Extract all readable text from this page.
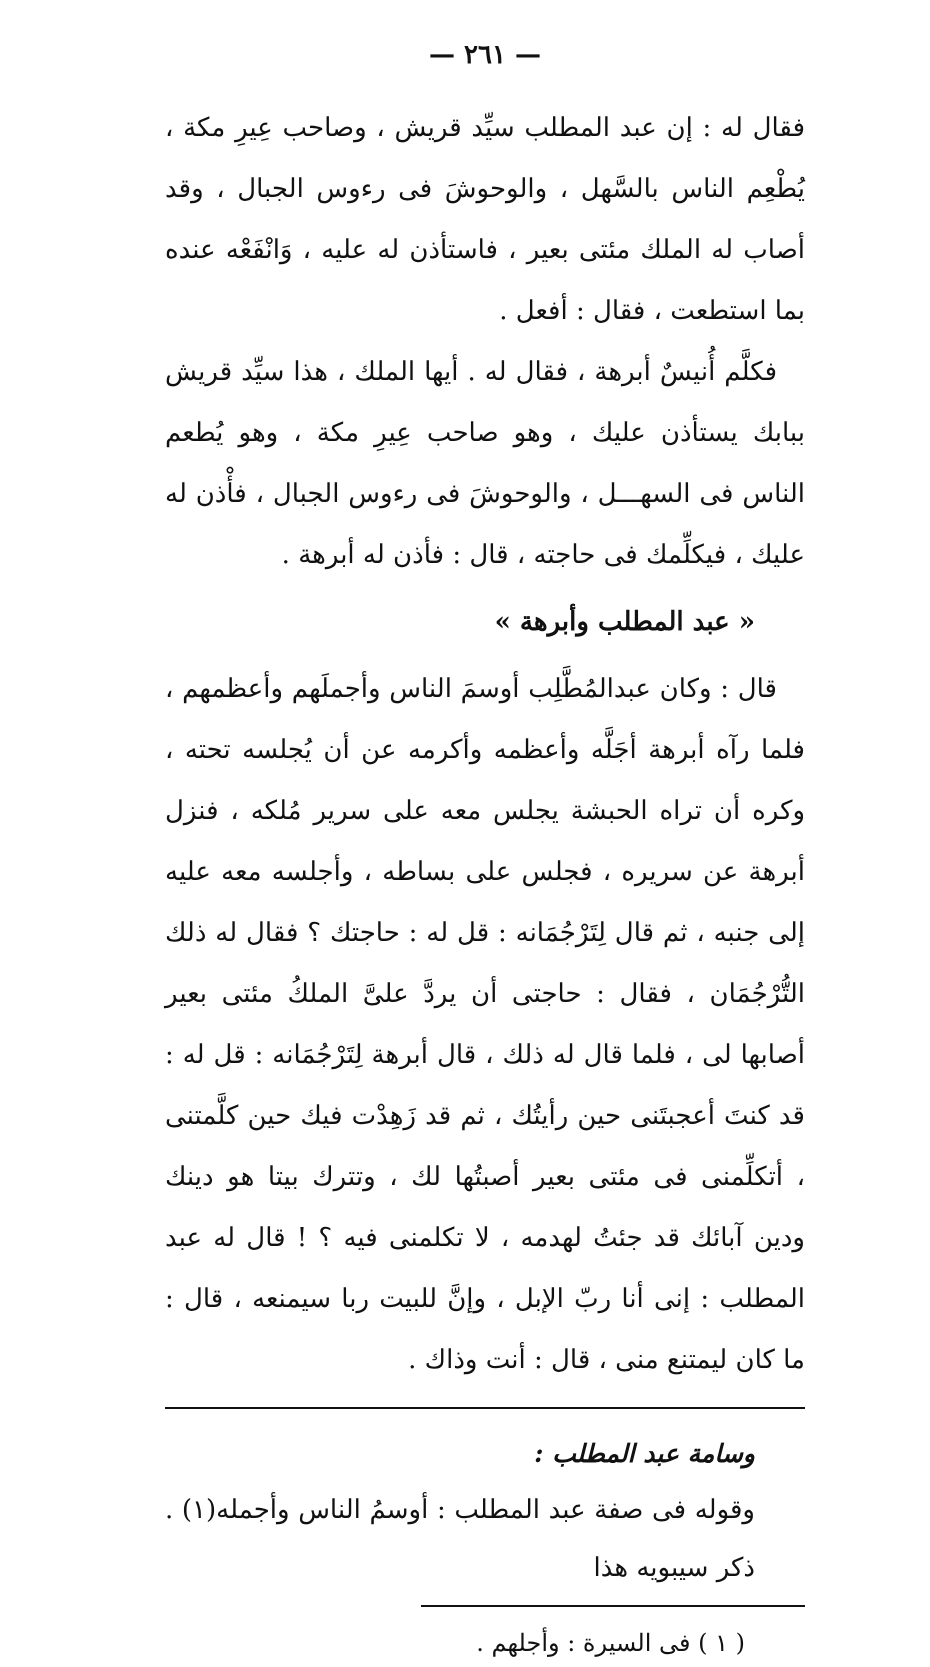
— ٢٦١ —

فقال له : إن عبد المطلب سيِّد قريش ، وصاحب عِيرِ مكة ، يُطْعِم الناس بالسَّهل ، والوحوشَ فى رءوس الجبال ، وقد أصاب له الملك مئتى بعير ، فاستأذن له عليه ، وَانْفَعْه عنده بما استطعت ، فقال : أفعل .

فكلَّم أُنيسٌ أبرهة ، فقال له . أيها الملك ، هذا سيِّد قريش ببابك يستأذن عليك ، وهو صاحب عِيرِ مكة ، وهو يُطعم الناس فى السهـــل ، والوحوشَ فى رءوس الجبال ، فأْذن له عليك ، فيكلِّمك فى حاجته ، قال : فأذن له أبرهة .

« عبد المطلب وأبرهة »

قال : وكان عبدالمُطَّلِب أوسمَ الناس وأجملَهم وأعظمهم ، فلما رآه أبرهة أجَلَّه وأعظمه وأكرمه عن أن يُجلسه تحته ، وكره أن تراه الحبشة يجلس معه على سرير مُلكه ، فنزل أبرهة عن سريره ، فجلس على بساطه ، وأجلسه معه عليه إلى جنبه ، ثم قال لِتَرْجُمَانه : قل له : حاجتك ؟ فقال له ذلك التُّرْجُمَان ، فقال : حاجتى أن يردَّ علىَّ الملكُ مئتى بعير أصابها لى ، فلما قال له ذلك ، قال أبرهة لِتَرْجُمَانه : قل له : قد كنتَ أعجبتَنى حين رأيتُك ، ثم قد زَهِدْت فيك حين كلَّمتنى ، أتكلِّمنى فى مئتى بعير أصبتُها لك ، وتترك بيتا هو دينك ودين آبائك قد جئتُ لهدمه ، لا تكلمنى فيه ؟ ! قال له عبد المطلب : إنى أنا ربّ الإبل ، وإنَّ للبيت ربا سيمنعه ، قال : ما كان ليمتنع منى ، قال : أنت وذاك .

وسامة عبد المطلب :

وقوله فى صفة عبد المطلب : أوسمُ الناس وأجمله(١) . ذكر سيبويه هذا

( ١ ) فى السيرة : وأجلهم .
